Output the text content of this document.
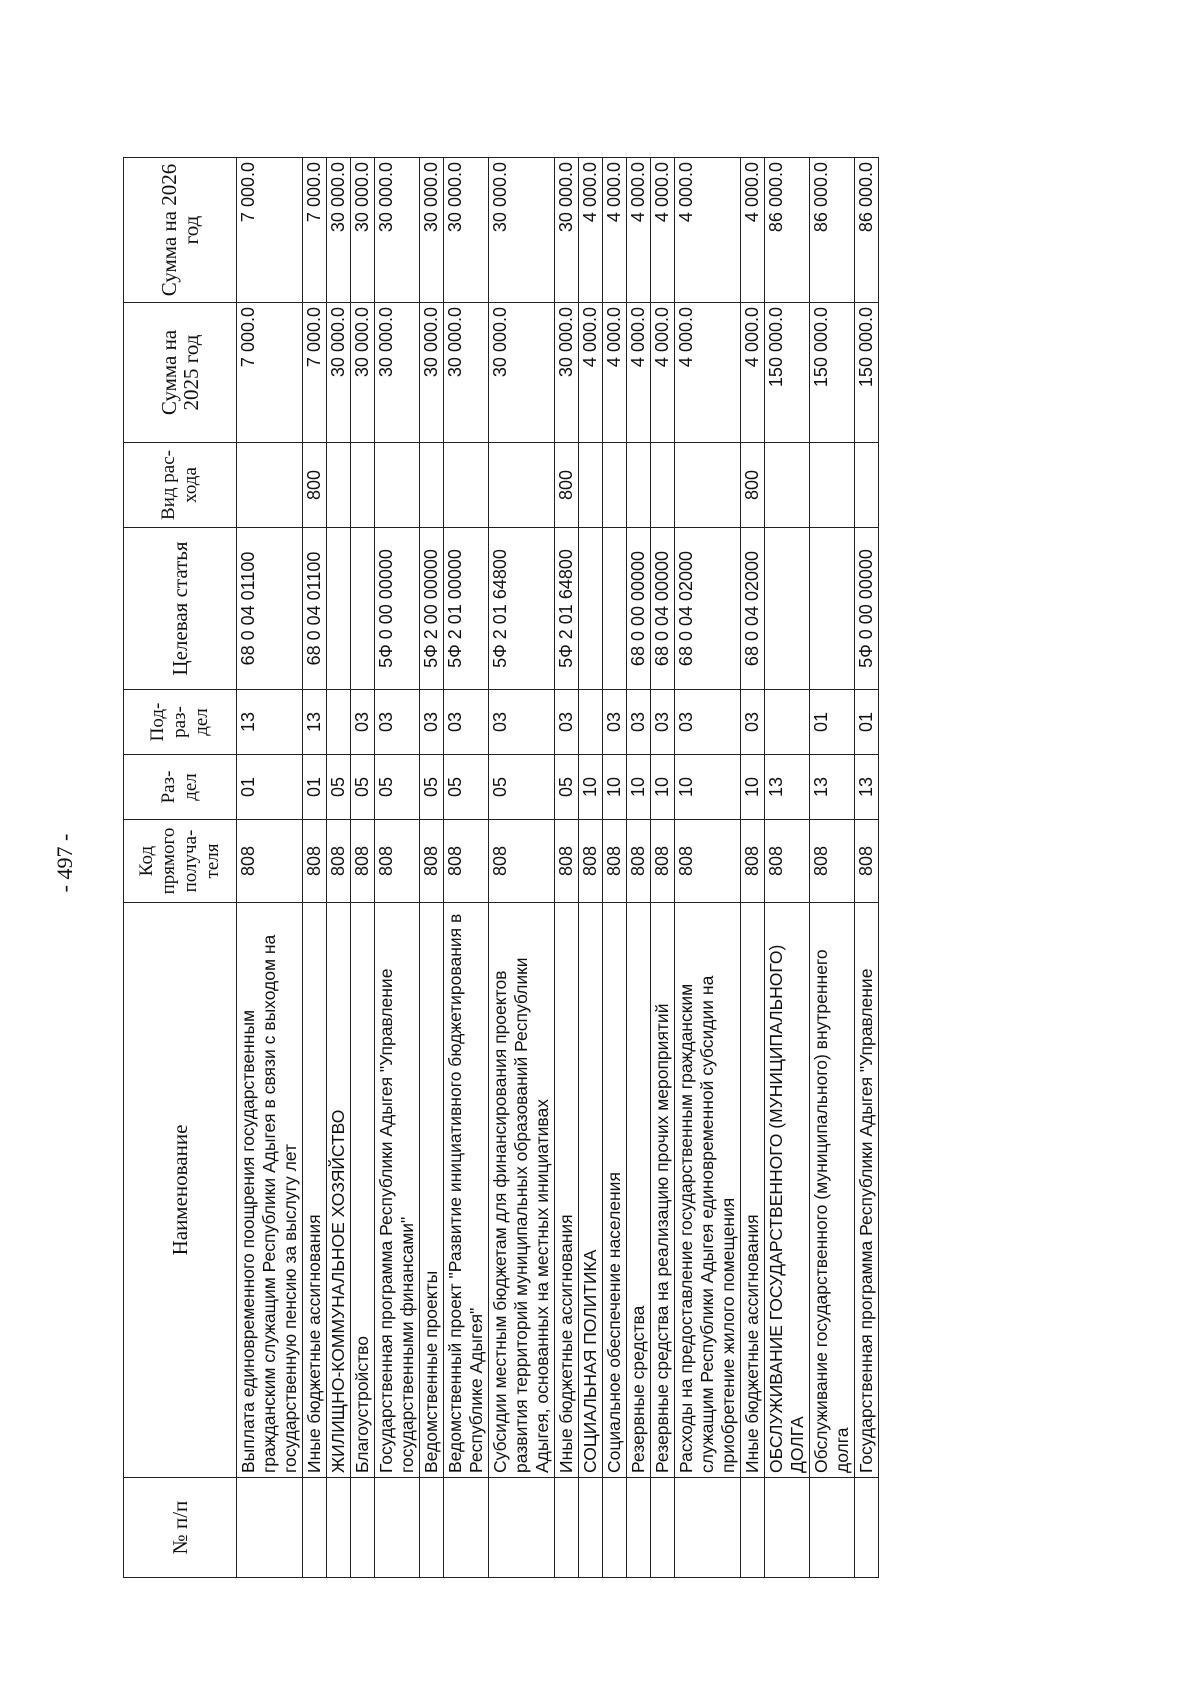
- 497 -
№ п/п	Наименование	Код прямого получа-теля	Раз-дел	Под-раз-дел	Целевая статья	Вид рас-хода	Сумма на 2025 год	Сумма на 2026 год
	Выплата единовременного поощрения государственным гражданским служащим Республики Адыгея в связи с выходом на государственную пенсию за выслугу лет	808	01	13	68 0 04 01100		7 000.0	7 000.0
	Иные бюджетные ассигнования	808	01	13	68 0 04 01100	800	7 000.0	7 000.0
	ЖИЛИЩНО-КОММУНАЛЬНОЕ ХОЗЯЙСТВО	808	05				30 000.0	30 000.0
	Благоустройство	808	05	03			30 000.0	30 000.0
	Государственная программа Республики Адыгея "Управление государственными финансами"	808	05	03	5Ф 0 00 00000		30 000.0	30 000.0
	Ведомственные проекты	808	05	03	5Ф 2 00 00000		30 000.0	30 000.0
	Ведомственный проект "Развитие инициативного бюджетирования в Республике Адыгея"	808	05	03	5Ф 2 01 00000		30 000.0	30 000.0
	Субсидии местным бюджетам для финансирования проектов развития территорий муниципальных образований Республики Адыгея, основанных на местных инициативах	808	05	03	5Ф 2 01 64800		30 000.0	30 000.0
	Иные бюджетные ассигнования	808	05	03	5Ф 2 01 64800	800	30 000.0	30 000.0
	СОЦИАЛЬНАЯ ПОЛИТИКА	808	10				4 000.0	4 000.0
	Социальное обеспечение населения	808	10	03			4 000.0	4 000.0
	Резервные средства	808	10	03	68 0 00 00000		4 000.0	4 000.0
	Резервные средства на реализацию прочих мероприятий	808	10	03	68 0 04 00000		4 000.0	4 000.0
	Расходы на предоставление государственным гражданским служащим Республики Адыгея единовременной субсидии на приобретение жилого помещения	808	10	03	68 0 04 02000		4 000.0	4 000.0
	Иные бюджетные ассигнования	808	10	03	68 0 04 02000	800	4 000.0	4 000.0
	ОБСЛУЖИВАНИЕ ГОСУДАРСТВЕННОГО (МУНИЦИПАЛЬНОГО) ДОЛГА	808	13				150 000.0	86 000.0
	Обслуживание государственного (муниципального) внутреннего долга	808	13	01			150 000.0	86 000.0
	Государственная программа Республики Адыгея "Управление	808	13	01	5Ф 0 00 00000		150 000.0	86 000.0
